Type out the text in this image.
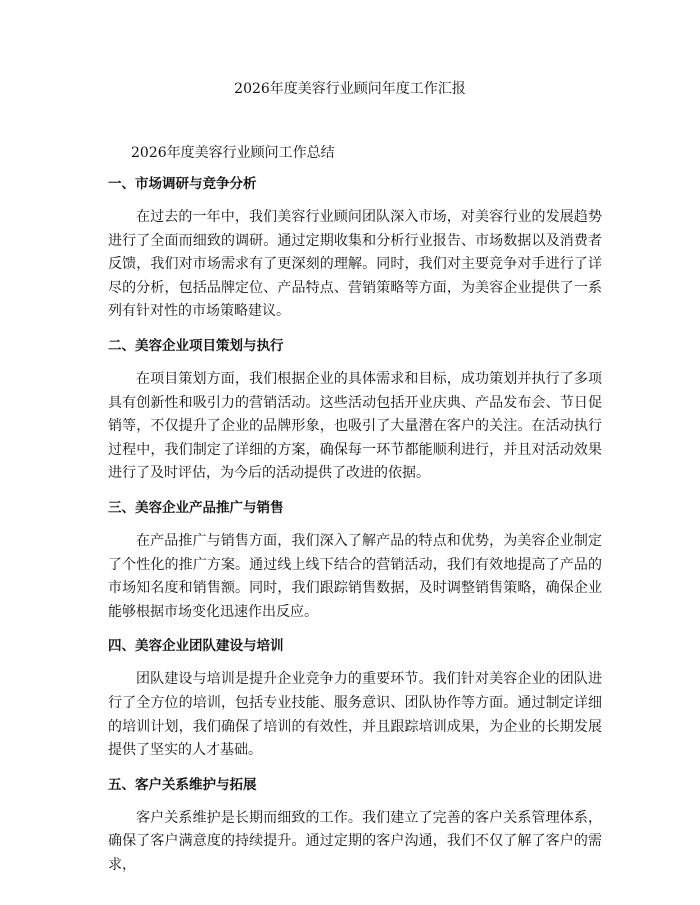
2026年度美容行业顾问年度工作汇报
2026年度美容行业顾问工作总结
一、市场调研与竞争分析

在过去的一年中，我们美容行业顾问团队深入市场，对美容行业的发展趋势进行了全面而细致的调研。通过定期收集和分析行业报告、市场数据以及消费者反馈，我们对市场需求有了更深刻的理解。同时，我们对主要竞争对手进行了详尽的分析，包括品牌定位、产品特点、营销策略等方面，为美容企业提供了一系列有针对性的市场策略建议。

二、美容企业项目策划与执行

在项目策划方面，我们根据企业的具体需求和目标，成功策划并执行了多项具有创新性和吸引力的营销活动。这些活动包括开业庆典、产品发布会、节日促销等，不仅提升了企业的品牌形象，也吸引了大量潜在客户的关注。在活动执行过程中，我们制定了详细的方案，确保每一环节都能顺利进行，并且对活动效果进行了及时评估，为今后的活动提供了改进的依据。

三、美容企业产品推广与销售

在产品推广与销售方面，我们深入了解产品的特点和优势，为美容企业制定了个性化的推广方案。通过线上线下结合的营销活动，我们有效地提高了产品的市场知名度和销售额。同时，我们跟踪销售数据，及时调整销售策略，确保企业能够根据市场变化迅速作出反应。

四、美容企业团队建设与培训

团队建设与培训是提升企业竞争力的重要环节。我们针对美容企业的团队进行了全方位的培训，包括专业技能、服务意识、团队协作等方面。通过制定详细的培训计划，我们确保了培训的有效性，并且跟踪培训成果，为企业的长期发展提供了坚实的人才基础。

五、客户关系维护与拓展

客户关系维护是长期而细致的工作。我们建立了完善的客户关系管理体系，确保了客户满意度的持续提升。通过定期的客户沟通，我们不仅了解了客户的需求，
